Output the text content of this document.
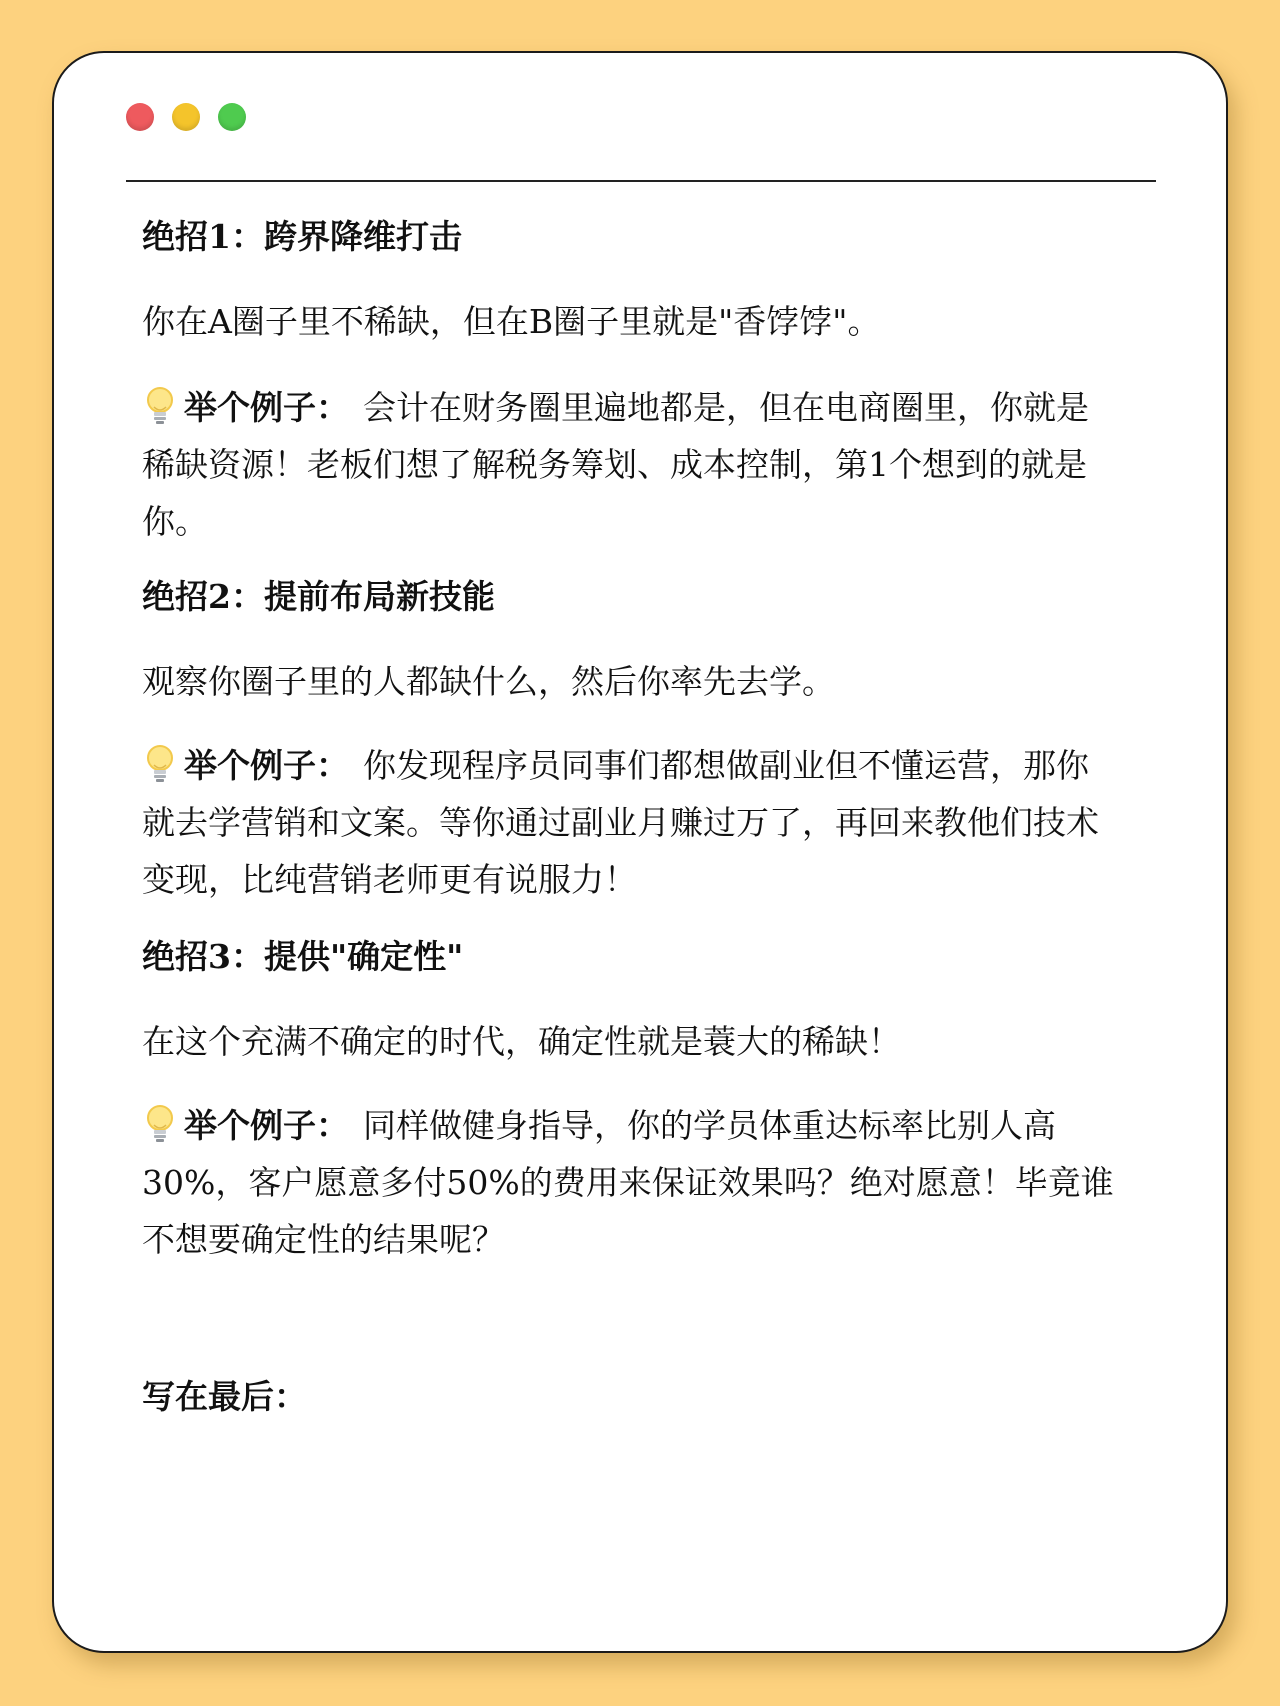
绝招1：跨界降维打击
你在A圈子里不稀缺，但在B圈子里就是"香饽饽"。
举个例子： 会计在财务圈里遍地都是，但在电商圈里，你就是
稀缺资源！老板们想了解税务筹划、成本控制，第1个想到的就是
你。
绝招2：提前布局新技能
观察你圈子里的人都缺什么，然后你率先去学。
举个例子： 你发现程序员同事们都想做副业但不懂运营，那你
就去学营销和文案。等你通过副业月赚过万了，再回来教他们技术
变现，比纯营销老师更有说服力！
绝招3：提供"确定性"
在这个充满不确定的时代，确定性就是蓑大的稀缺！
举个例子： 同样做健身指导，你的学员体重达标率比别人高
30%，客户愿意多付50%的费用来保证效果吗？绝对愿意！毕竟谁
不想要确定性的结果呢？
写在最后：
